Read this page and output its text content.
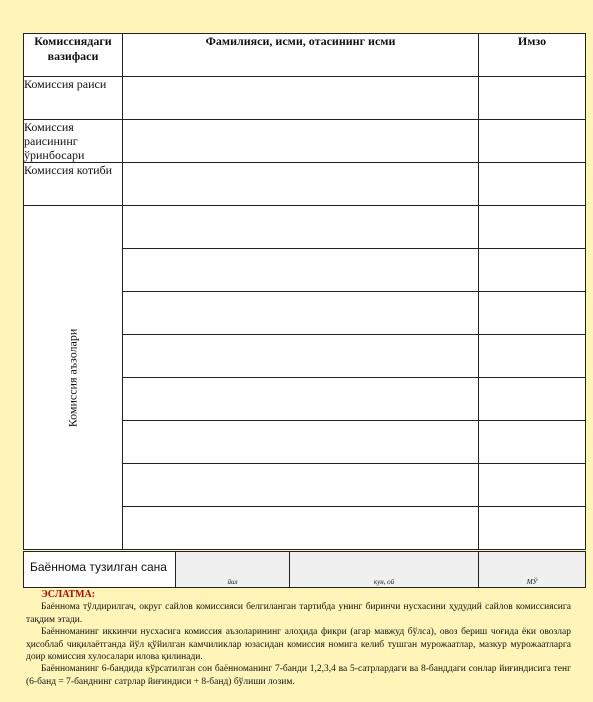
Комиссиядаги вазифаси	Фамилияси, исми, отасининг исми	Имзо
Комиссия раиси		
Комиссия раисининг ўринбосари		
Комиссия котиби		

Комиссия аъзолари		

Баённома тузилган сана	йил	кун, ой	МЎ
ЭСЛАТМА:

Баённома тўлдирилгач, округ сайлов комиссияси белгиланган тартибда унинг биринчи нусхасини ҳудудий сайлов комиссиясига тақдим этади.

Баённоманинг иккинчи нусхасига комиссия аъзоларининг алоҳида фикри (агар мавжуд бўлса), овоз бериш чоғида ёки овозлар ҳисоблаб чиқилаётганда йўл қўйилган камчиликлар юзасидан комиссия номига келиб тушган мурожаатлар, мазкур мурожаатларга доир комиссия хулосалари илова қилинади.

Баённоманинг 6-бандида кўрсатилган сон баённоманинг 7-банди 1,2,3,4 ва 5-сатрлардаги ва 8-банддаги сонлар йиғиндисига тенг (6-банд = 7-банднинг сатрлар йиғиндиси + 8-банд) бўлиши лозим.
